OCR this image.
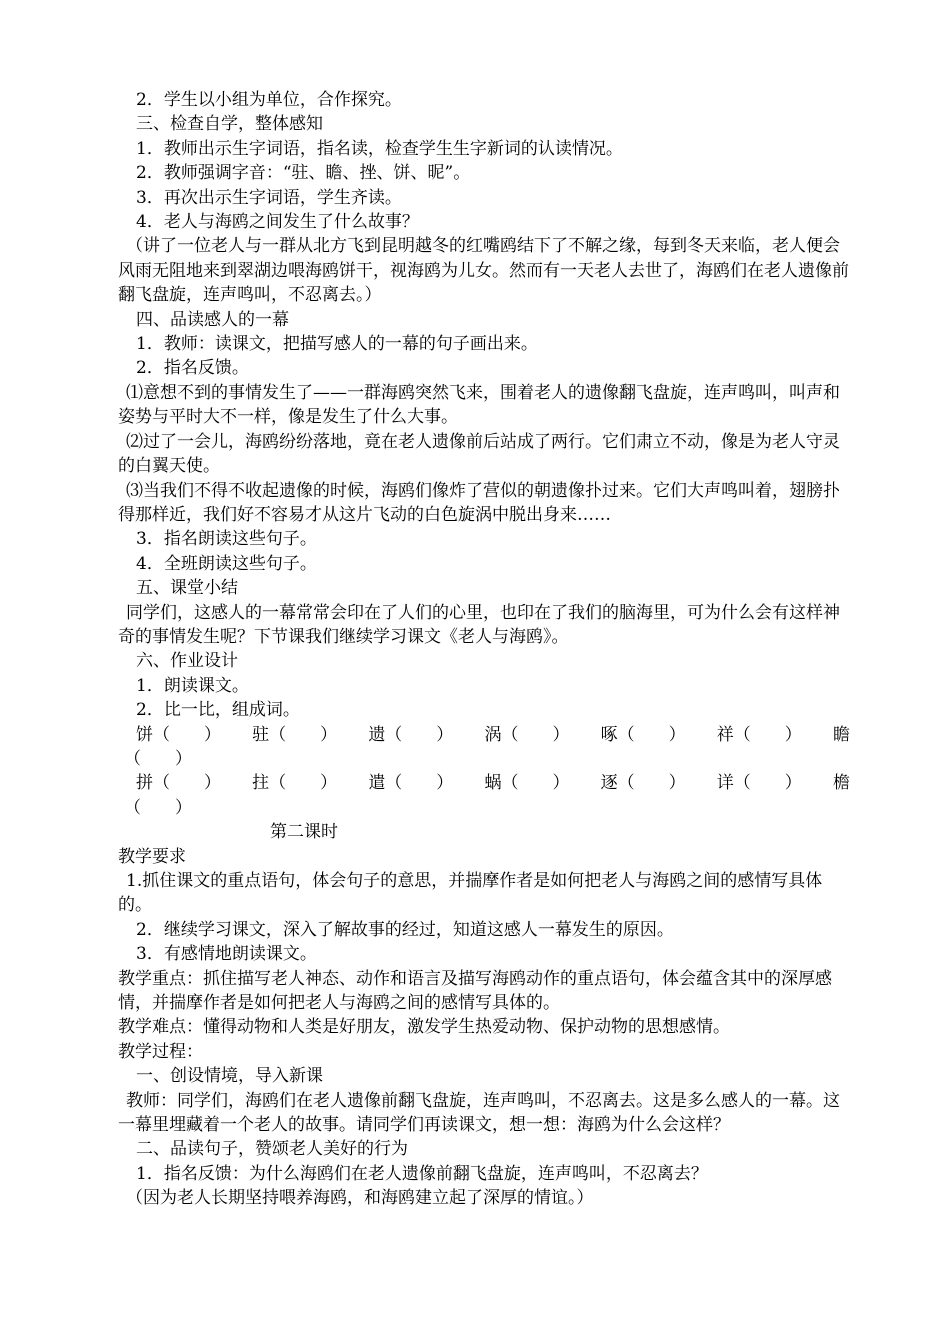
2．学生以小组为单位，合作探究。

三、检查自学，整体感知

1．教师出示生字词语，指名读，检查学生生字新词的认读情况。

2．教师强调字音：“驻、瞻、挫、饼、昵”。

3．再次出示生字词语，学生齐读。

4．老人与海鸥之间发生了什么故事？

（讲了一位老人与一群从北方飞到昆明越冬的红嘴鸥结下了不解之缘，每到冬天来临，老人便会风雨无阻地来到翠湖边喂海鸥饼干，视海鸥为儿女。然而有一天老人去世了，海鸥们在老人遗像前翻飞盘旋，连声鸣叫，不忍离去。）

四、品读感人的一幕

1．教师：读课文，把描写感人的一幕的句子画出来。

2．指名反馈。

⑴意想不到的事情发生了——一群海鸥突然飞来，围着老人的遗像翻飞盘旋，连声鸣叫，叫声和姿势与平时大不一样，像是发生了什么大事。

⑵过了一会儿，海鸥纷纷落地，竟在老人遗像前后站成了两行。它们肃立不动，像是为老人守灵的白翼天使。

⑶当我们不得不收起遗像的时候，海鸥们像炸了营似的朝遗像扑过来。它们大声鸣叫着，翅膀扑得那样近，我们好不容易才从这片飞动的白色旋涡中脱出身来……

3．指名朗读这些句子。

4．全班朗读这些句子。

五、课堂小结

同学们，这感人的一幕常常会印在了人们的心里，也印在了我们的脑海里，可为什么会有这样神奇的事情发生呢？下节课我们继续学习课文《老人与海鸥》。

六、作业设计

1．朗读课文。

2．比一比，组成词。

饼（　　） 驻（　　） 遗（　　） 涡（　　） 啄（　　） 祥（　　） 瞻

（　　）

拼（　　） 拄（　　） 遣（　　） 蜗（　　） 逐（　　） 详（　　） 檐

（　　）

第二课时

教学要求

1.抓住课文的重点语句，体会句子的意思，并揣摩作者是如何把老人与海鸥之间的感情写具体的。

2．继续学习课文，深入了解故事的经过，知道这感人一幕发生的原因。

3．有感情地朗读课文。

教学重点：抓住描写老人神态、动作和语言及描写海鸥动作的重点语句，体会蕴含其中的深厚感情，并揣摩作者是如何把老人与海鸥之间的感情写具体的。

教学难点：懂得动物和人类是好朋友，激发学生热爱动物、保护动物的思想感情。

教学过程：

一、创设情境，导入新课

教师：同学们，海鸥们在老人遗像前翻飞盘旋，连声鸣叫，不忍离去。这是多么感人的一幕。这一幕里埋藏着一个老人的故事。请同学们再读课文，想一想：海鸥为什么会这样？

二、品读句子，赞颂老人美好的行为

1．指名反馈：为什么海鸥们在老人遗像前翻飞盘旋，连声鸣叫，不忍离去？

（因为老人长期坚持喂养海鸥，和海鸥建立起了深厚的情谊。）
